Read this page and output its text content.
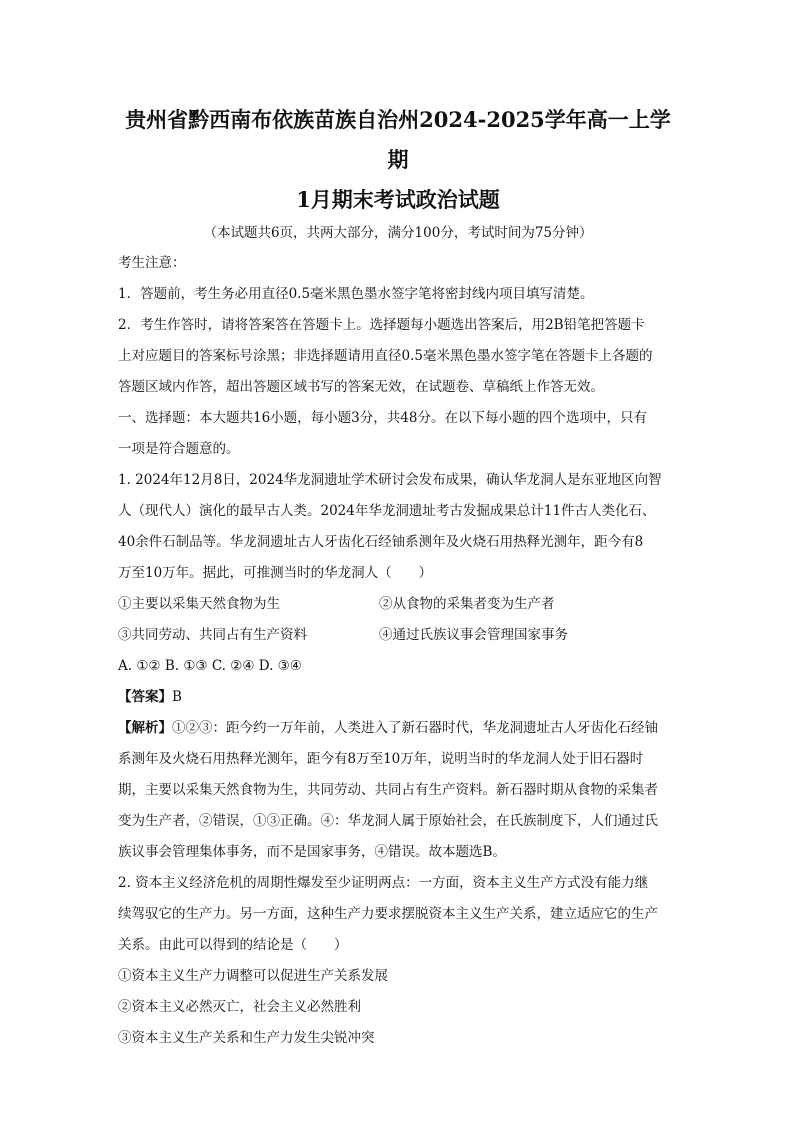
贵州省黔西南布依族苗族自治州2024-2025学年高一上学期

1月期末考试政治试题

（本试题共6页，共两大部分，满分100分，考试时间为75分钟）

考生注意：

1．答题前，考生务必用直径0.5毫米黑色墨水签字笔将密封线内项目填写清楚。

2．考生作答时，请将答案答在答题卡上。选择题每小题选出答案后，用2B铅笔把答题卡

上对应题目的答案标号涂黑；非选择题请用直径0.5毫米黑色墨水签字笔在答题卡上各题的

答题区域内作答，超出答题区域书写的答案无效，在试题卷、草稿纸上作答无效。

一、选择题：本大题共16小题，每小题3分，共48分。在以下每小题的四个选项中，只有

一项是符合题意的。

1. 2024年12月8日，2024华龙洞遗址学术研讨会发布成果，确认华龙洞人是东亚地区向智

人（现代人）演化的最早古人类。2024年华龙洞遗址考古发掘成果总计11件古人类化石、

40余件石制品等。华龙洞遗址古人牙齿化石经铀系测年及火烧石用热释光测年，距今有8

万至10万年。据此，可推测当时的华龙洞人（　　）

①主要以采集天然食物为生	②从食物的采集者变为生产者
③共同劳动、共同占有生产资料	④通过氏族议事会管理国家事务

A. ①② B. ①③ C. ②④ D. ③④

【答案】B

【解析】①②③：距今约一万年前，人类进入了新石器时代，华龙洞遗址古人牙齿化石经铀

系测年及火烧石用热释光测年，距今有8万至10万年，说明当时的华龙洞人处于旧石器时

期，主要以采集天然食物为生，共同劳动、共同占有生产资料。新石器时期从食物的采集者

变为生产者，②错误，①③正确。④：华龙洞人属于原始社会，在氏族制度下，人们通过氏

族议事会管理集体事务，而不是国家事务，④错误。故本题选B。

2. 资本主义经济危机的周期性爆发至少证明两点：一方面，资本主义生产方式没有能力继

续驾驭它的生产力。另一方面，这种生产力要求摆脱资本主义生产关系，建立适应它的生产

关系。由此可以得到的结论是（　　）

①资本主义生产力调整可以促进生产关系发展

②资本主义必然灭亡，社会主义必然胜利

③资本主义生产关系和生产力发生尖锐冲突
